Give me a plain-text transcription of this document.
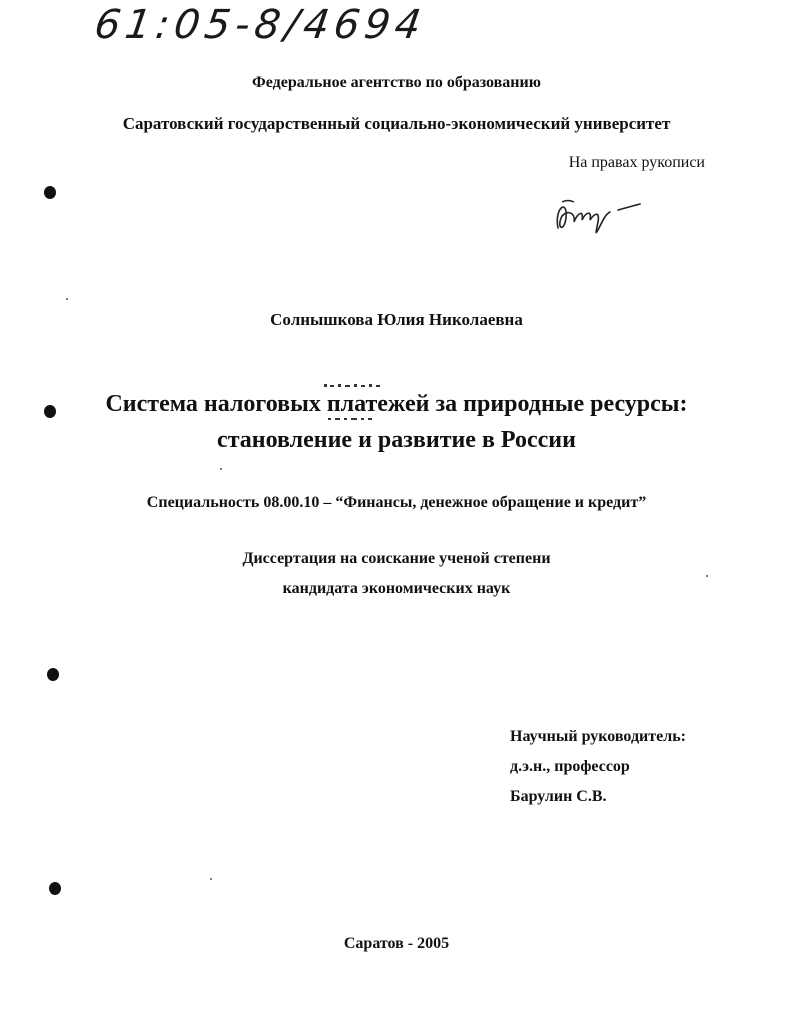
61:05-8/4694
Федеральное агентство по образованию
Саратовский государственный социально-экономический университет
На правах рукописи
Солнышкова Юлия Николаевна
Система налоговых платежей за природные ресурсы:
становление и развитие в России
Специальность 08.00.10 – “Финансы, денежное обращение и кредит”
Диссертация на соискание ученой степени
кандидата экономических наук
Научный руководитель:
д.э.н., профессор
Барулин С.В.
Саратов - 2005
